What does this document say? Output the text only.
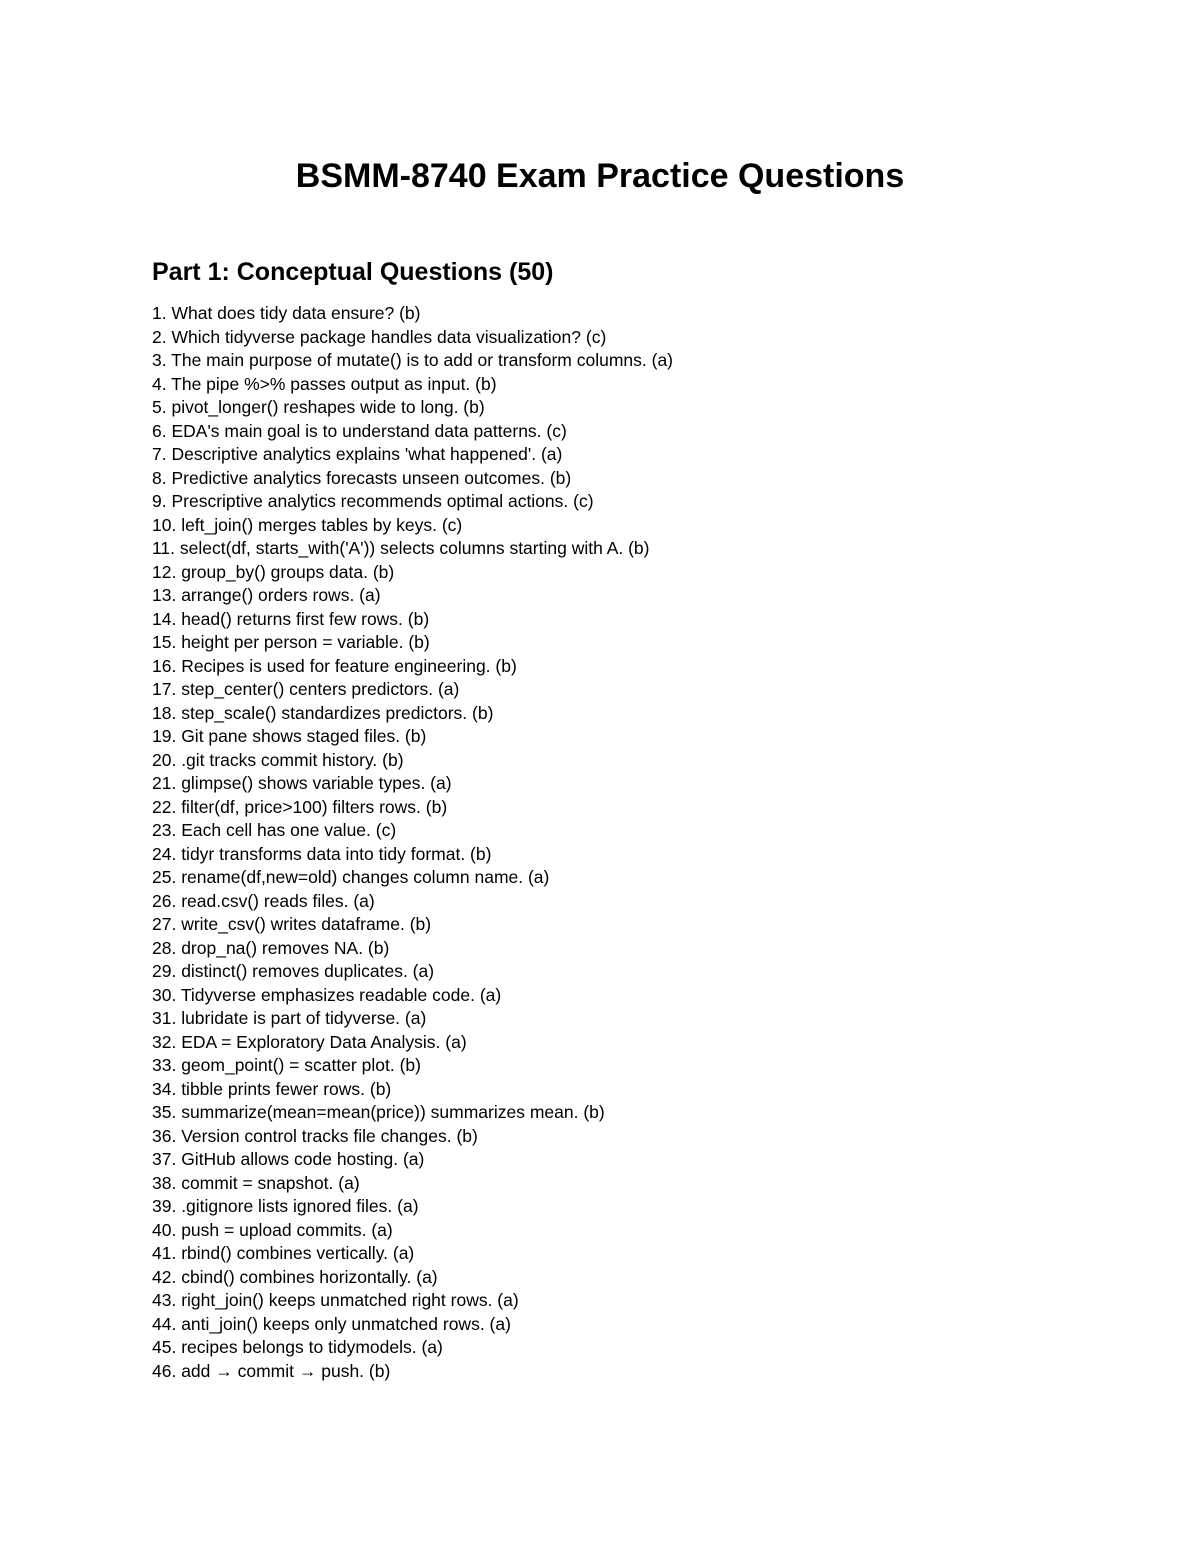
BSMM-8740 Exam Practice Questions
Part 1: Conceptual Questions (50)
1. What does tidy data ensure? (b)
2. Which tidyverse package handles data visualization? (c)
3. The main purpose of mutate() is to add or transform columns. (a)
4. The pipe %>% passes output as input. (b)
5. pivot_longer() reshapes wide to long. (b)
6. EDA's main goal is to understand data patterns. (c)
7. Descriptive analytics explains 'what happened'. (a)
8. Predictive analytics forecasts unseen outcomes. (b)
9. Prescriptive analytics recommends optimal actions. (c)
10. left_join() merges tables by keys. (c)
11. select(df, starts_with('A')) selects columns starting with A. (b)
12. group_by() groups data. (b)
13. arrange() orders rows. (a)
14. head() returns first few rows. (b)
15. height per person = variable. (b)
16. Recipes is used for feature engineering. (b)
17. step_center() centers predictors. (a)
18. step_scale() standardizes predictors. (b)
19. Git pane shows staged files. (b)
20. .git tracks commit history. (b)
21. glimpse() shows variable types. (a)
22. filter(df, price>100) filters rows. (b)
23. Each cell has one value. (c)
24. tidyr transforms data into tidy format. (b)
25. rename(df,new=old) changes column name. (a)
26. read.csv() reads files. (a)
27. write_csv() writes dataframe. (b)
28. drop_na() removes NA. (b)
29. distinct() removes duplicates. (a)
30. Tidyverse emphasizes readable code. (a)
31. lubridate is part of tidyverse. (a)
32. EDA = Exploratory Data Analysis. (a)
33. geom_point() = scatter plot. (b)
34. tibble prints fewer rows. (b)
35. summarize(mean=mean(price)) summarizes mean. (b)
36. Version control tracks file changes. (b)
37. GitHub allows code hosting. (a)
38. commit = snapshot. (a)
39. .gitignore lists ignored files. (a)
40. push = upload commits. (a)
41. rbind() combines vertically. (a)
42. cbind() combines horizontally. (a)
43. right_join() keeps unmatched right rows. (a)
44. anti_join() keeps only unmatched rows. (a)
45. recipes belongs to tidymodels. (a)
46. add → commit → push. (b)
